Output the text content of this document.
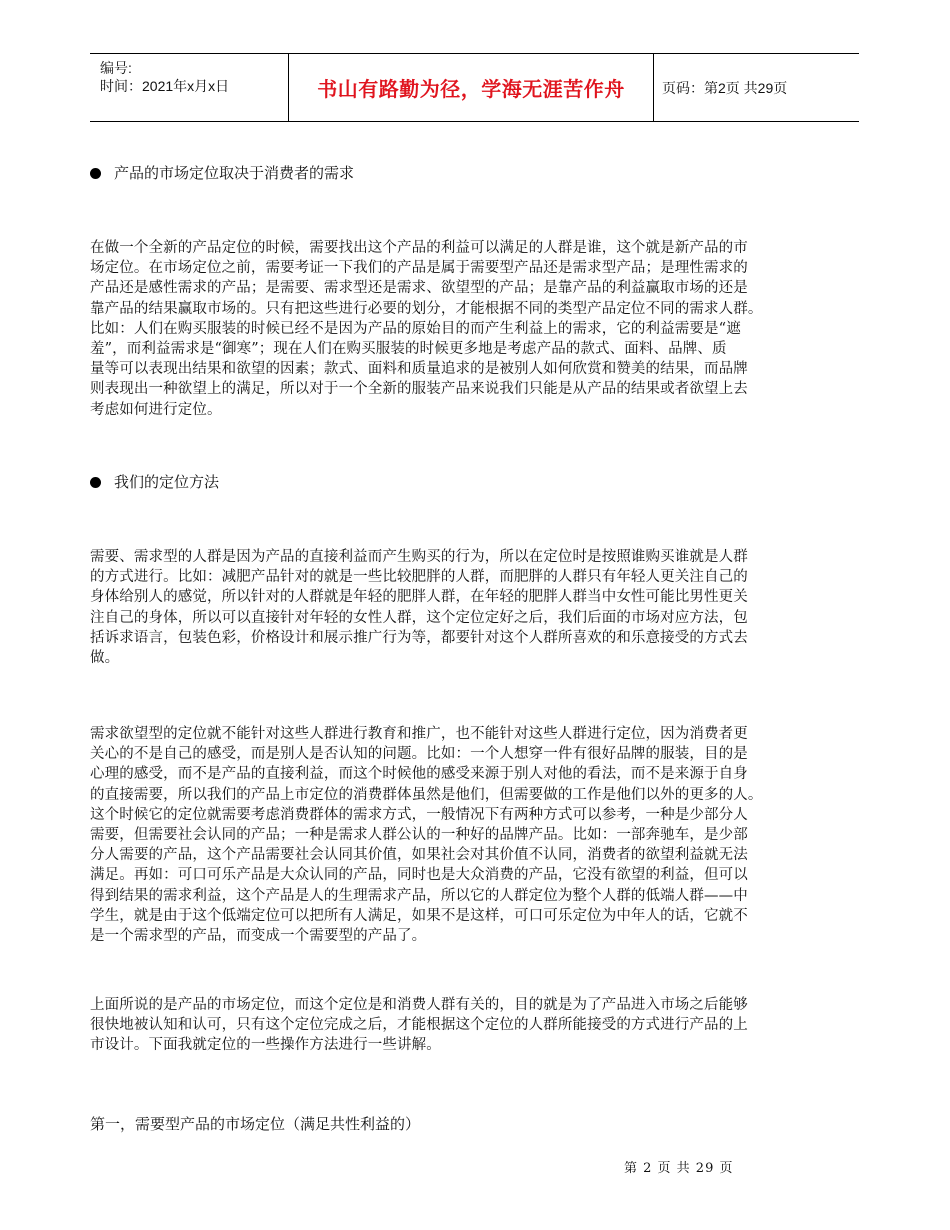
编号:
时间：2021年x月x日	书山有路勤为径，学海无涯苦作舟	页码：第2页 共29页
产品的市场定位取决于消费者的需求
在做一个全新的产品定位的时候，需要找出这个产品的利益可以满足的人群是谁，这个就是新产品的市
场定位。在市场定位之前，需要考证一下我们的产品是属于需要型产品还是需求型产品；是理性需求的
产品还是感性需求的产品；是需要、需求型还是需求、欲望型的产品；是靠产品的利益赢取市场的还是
靠产品的结果赢取市场的。只有把这些进行必要的划分，才能根据不同的类型产品定位不同的需求人群。
比如：人们在购买服装的时候已经不是因为产品的原始目的而产生利益上的需求，它的利益需要是“遮
羞”，而利益需求是“御寒”；现在人们在购买服装的时候更多地是考虑产品的款式、面料、品牌、质
量等可以表现出结果和欲望的因素；款式、面料和质量追求的是被别人如何欣赏和赞美的结果，而品牌
则表现出一种欲望上的满足，所以对于一个全新的服装产品来说我们只能是从产品的结果或者欲望上去
考虑如何进行定位。
我们的定位方法
需要、需求型的人群是因为产品的直接利益而产生购买的行为，所以在定位时是按照谁购买谁就是人群
的方式进行。比如：减肥产品针对的就是一些比较肥胖的人群，而肥胖的人群只有年轻人更关注自己的
身体给别人的感觉，所以针对的人群就是年轻的肥胖人群，在年轻的肥胖人群当中女性可能比男性更关
注自己的身体，所以可以直接针对年轻的女性人群，这个定位定好之后，我们后面的市场对应方法，包
括诉求语言，包装色彩，价格设计和展示推广行为等，都要针对这个人群所喜欢的和乐意接受的方式去
做。
需求欲望型的定位就不能针对这些人群进行教育和推广，也不能针对这些人群进行定位，因为消费者更
关心的不是自己的感受，而是别人是否认知的问题。比如：一个人想穿一件有很好品牌的服装，目的是
心理的感受，而不是产品的直接利益，而这个时候他的感受来源于别人对他的看法，而不是来源于自身
的直接需要，所以我们的产品上市定位的消费群体虽然是他们，但需要做的工作是他们以外的更多的人。
这个时候它的定位就需要考虑消费群体的需求方式，一般情况下有两种方式可以参考，一种是少部分人
需要，但需要社会认同的产品；一种是需求人群公认的一种好的品牌产品。比如：一部奔驰车，是少部
分人需要的产品，这个产品需要社会认同其价值，如果社会对其价值不认同，消费者的欲望利益就无法
满足。再如：可口可乐产品是大众认同的产品，同时也是大众消费的产品，它没有欲望的利益，但可以
得到结果的需求利益，这个产品是人的生理需求产品，所以它的人群定位为整个人群的低端人群——中
学生，就是由于这个低端定位可以把所有人满足，如果不是这样，可口可乐定位为中年人的话，它就不
是一个需求型的产品，而变成一个需要型的产品了。
上面所说的是产品的市场定位，而这个定位是和消费人群有关的，目的就是为了产品进入市场之后能够
很快地被认知和认可，只有这个定位完成之后，才能根据这个定位的人群所能接受的方式进行产品的上
市设计。下面我就定位的一些操作方法进行一些讲解。
第一，需要型产品的市场定位（满足共性利益的）
第 2 页 共 29 页
